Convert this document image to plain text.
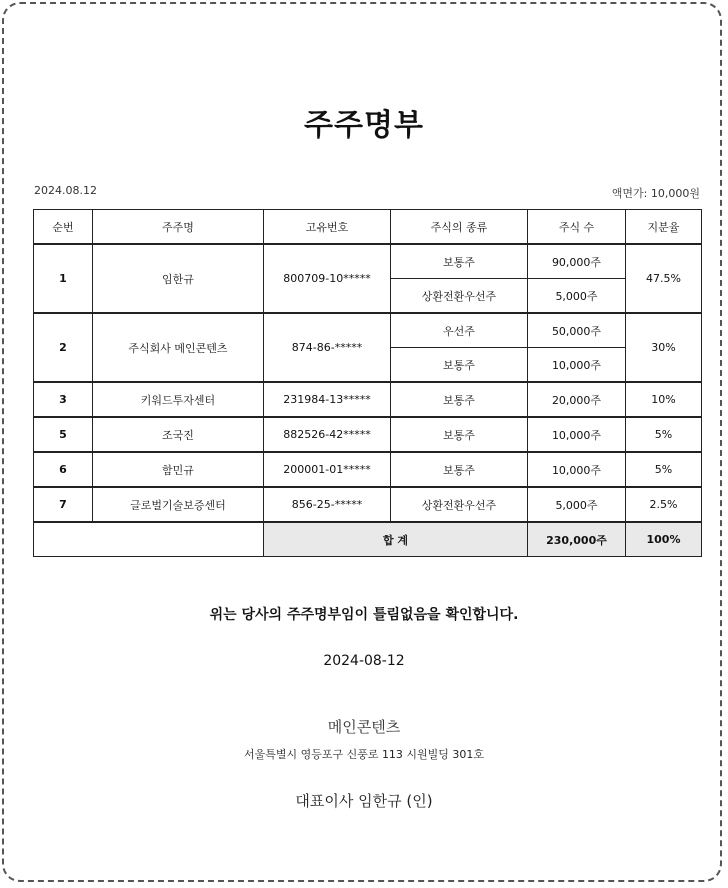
주주명부
2024.08.12	액면가: 10,000원
순번	주주명	고유번호	주식의 종류	주식 수	지분율
1	임한규	800709-10*****	보통주	90,000주	47.5%
			상환전환우선주	5,000주	
2	주식회사 메인콘텐츠	874-86-*****	우선주	50,000주	30%
			보통주	10,000주	
3	키워드투자센터	231984-13*****	보통주	20,000주	10%
5	조국진	882526-42*****	보통주	10,000주	5%
6	함민규	200001-01*****	보통주	10,000주	5%
7	글로벌기술보증센터	856-25-*****	상환전환우선주	5,000주	2.5%
		합 계		230,000주	100%
위는 당사의 주주명부임이 틀림없음을 확인합니다.
2024-08-12
메인콘텐츠
서울특별시 영등포구 신풍로 113 시원빌딩 301호
대표이사 임한규 (인)
